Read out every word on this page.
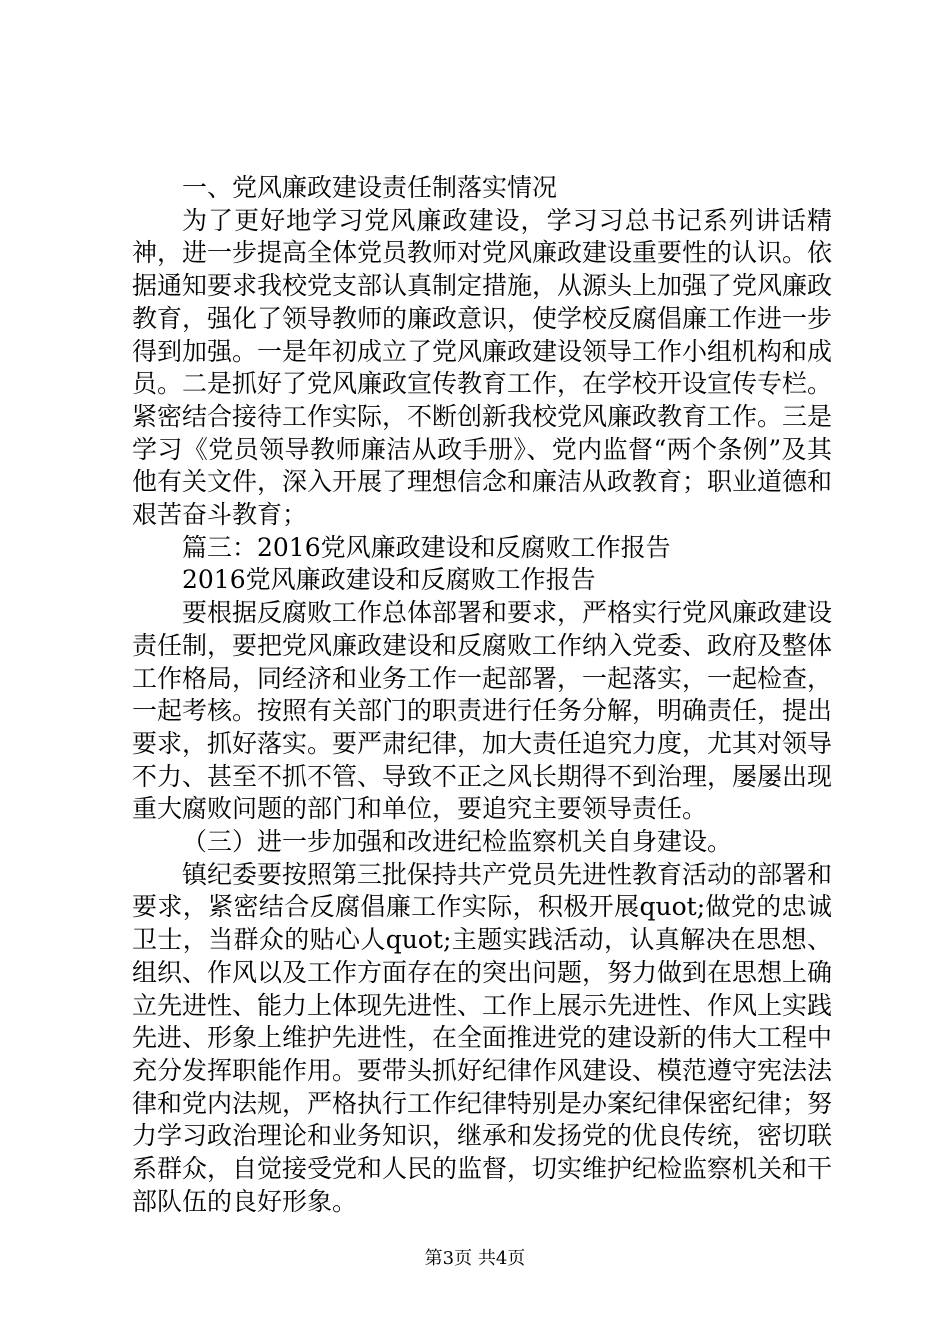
一、党风廉政建设责任制落实情况

为了更好地学习党风廉政建设，学习习总书记系列讲话精神，进一步提高全体党员教师对党风廉政建设重要性的认识。依据通知要求我校党支部认真制定措施，从源头上加强了党风廉政教育，强化了领导教师的廉政意识，使学校反腐倡廉工作进一步得到加强。一是年初成立了党风廉政建设领导工作小组机构和成员。二是抓好了党风廉政宣传教育工作，在学校开设宣传专栏。紧密结合接待工作实际，不断创新我校党风廉政教育工作。三是学习《党员领导教师廉洁从政手册》、党内监督“两个条例”及其他有关文件，深入开展了理想信念和廉洁从政教育；职业道德和艰苦奋斗教育；

篇三：2016党风廉政建设和反腐败工作报告

2016党风廉政建设和反腐败工作报告

要根据反腐败工作总体部署和要求，严格实行党风廉政建设责任制，要把党风廉政建设和反腐败工作纳入党委、政府及整体工作格局，同经济和业务工作一起部署，一起落实，一起检查，一起考核。按照有关部门的职责进行任务分解，明确责任，提出要求，抓好落实。要严肃纪律，加大责任追究力度，尤其对领导不力、甚至不抓不管、导致不正之风长期得不到治理，屡屡出现重大腐败问题的部门和单位，要追究主要领导责任。

（三）进一步加强和改进纪检监察机关自身建设。

镇纪委要按照第三批保持共产党员先进性教育活动的部署和要求，紧密结合反腐倡廉工作实际，积极开展quot;做党的忠诚卫士，当群众的贴心人quot;主题实践活动，认真解决在思想、组织、作风以及工作方面存在的突出问题，努力做到在思想上确立先进性、能力上体现先进性、工作上展示先进性、作风上实践先进、形象上维护先进性，在全面推进党的建设新的伟大工程中充分发挥职能作用。要带头抓好纪律作风建设、模范遵守宪法法律和党内法规，严格执行工作纪律特别是办案纪律保密纪律；努力学习政治理论和业务知识，继承和发扬党的优良传统，密切联系群众，自觉接受党和人民的监督，切实维护纪检监察机关和干部队伍的良好形象。

第3页 共4页
